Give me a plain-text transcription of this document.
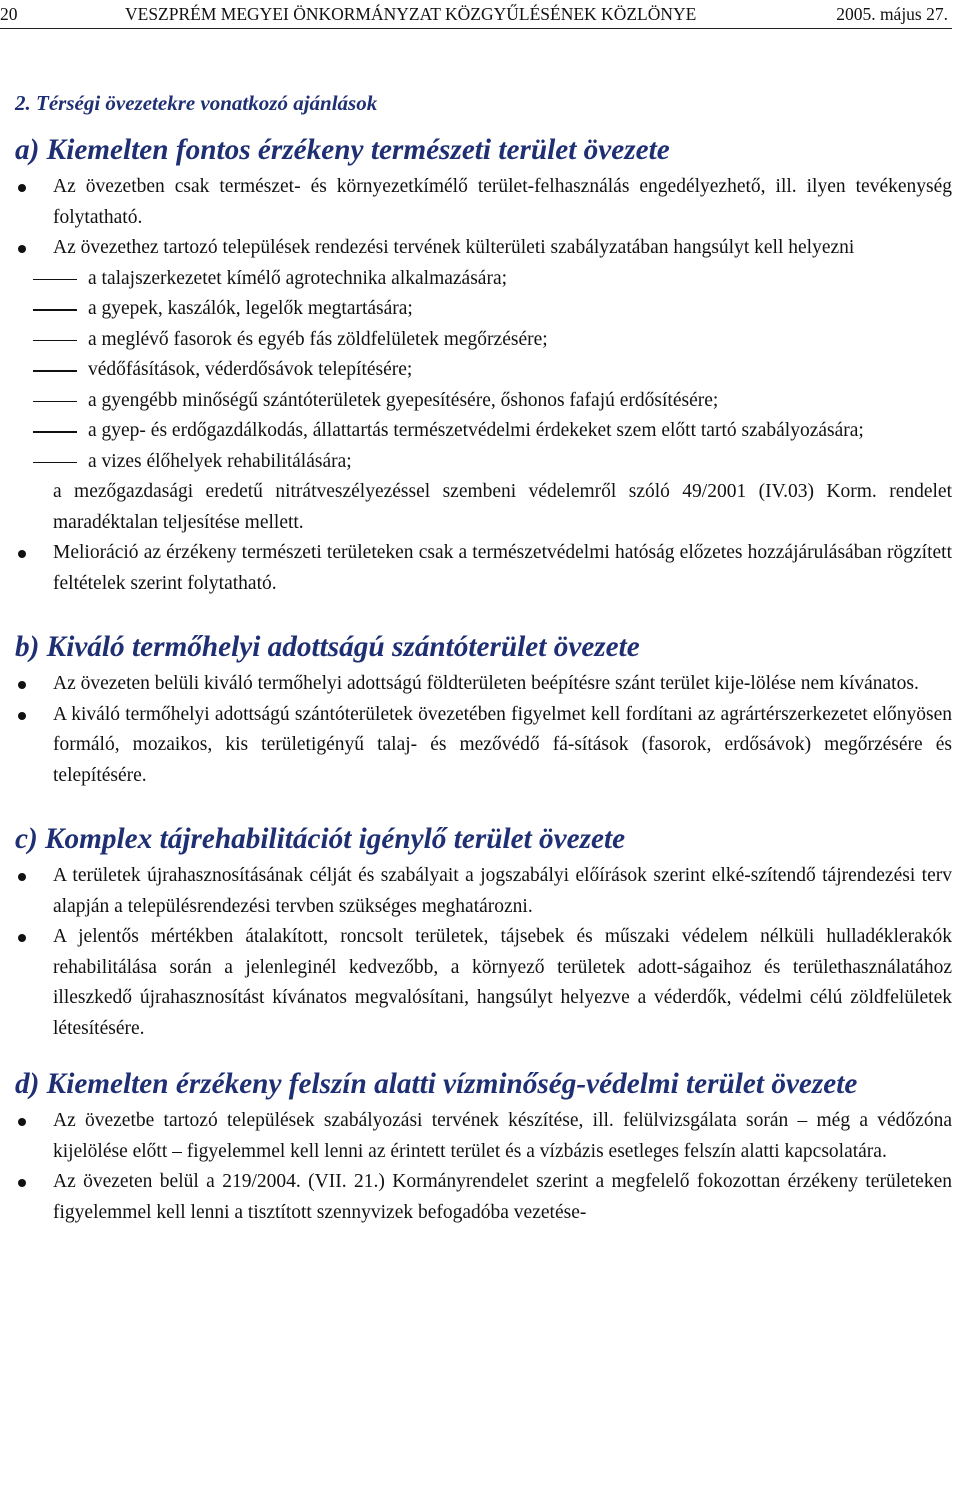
20	VESZPRÉM MEGYEI ÖNKORMÁNYZAT KÖZGYŰLÉSÉNEK KÖZLÖNYE	2005. május 27.
2. Térségi övezetekre vonatkozó ajánlások
a) Kiemelten fontos érzékeny természeti terület övezete
Az övezetben csak természet- és környezetkímélő terület-felhasználás engedélyezhető, ill. ilyen tevékenység folytatható.
Az övezethez tartozó települések rendezési tervének külterületi szabályzatában hangsúlyt kell helyezni
a talajszerkezetet kímélő agrotechnika alkalmazására;
a gyepek, kaszálók, legelők megtartására;
a meglévő fasorok és egyéb fás zöldfelületek megőrzésére;
védőfásítások, véderdősávok telepítésére;
a gyengébb minőségű szántóterületek gyepesítésére, őshonos fafajú erdősítésére;
a gyep- és erdőgazdálkodás, állattartás természetvédelmi érdekeket szem előtt tartó szabályozására;
a vizes élőhelyek rehabilitálására;
a mezőgazdasági eredetű nitrátveszélyezéssel szembeni védelemről szóló 49/2001 (IV.03) Korm. rendelet maradéktalan teljesítése mellett.
Melioráció az érzékeny természeti területeken csak a természetvédelmi hatóság előzetes hozzájárulásában rögzített feltételek szerint folytatható.
b) Kiváló termőhelyi adottságú szántóterület övezete
Az övezeten belüli kiváló termőhelyi adottságú földterületen beépítésre szánt terület kije-lölése nem kívánatos.
A kiváló termőhelyi adottságú szántóterületek övezetében figyelmet kell fordítani az agrártérszerkezetet előnyösen formáló, mozaikos, kis területigényű talaj- és mezővédő fá-sítások (fasorok, erdősávok) megőrzésére és telepítésére.
c) Komplex tájrehabilitációt igénylő terület övezete
A területek újrahasznosításának célját és szabályait a jogszabályi előírások szerint elké-szítendő tájrendezési terv alapján a településrendezési tervben szükséges meghatározni.
A jelentős mértékben átalakított, roncsolt területek, tájsebek és műszaki védelem nélküli hulladéklerakók rehabilitálása során a jelenleginél kedvezőbb, a környező területek adott-ságaihoz és területhasználatához illeszkedő újrahasznosítást kívánatos megvalósítani, hangsúlyt helyezve a véderdők, védelmi célú zöldfelületek létesítésére.
d) Kiemelten érzékeny felszín alatti vízminőség-védelmi terület övezete
Az övezetbe tartozó települések szabályozási tervének készítése, ill. felülvizsgálata során – még a védőzóna kijelölése előtt – figyelemmel kell lenni az érintett terület és a vízbázis esetleges felszín alatti kapcsolatára.
Az övezeten belül a 219/2004. (VII. 21.) Kormányrendelet szerint a megfelelő fokozottan érzékeny területeken figyelemmel kell lenni a tisztított szennyvizek befogadóba vezetése-
